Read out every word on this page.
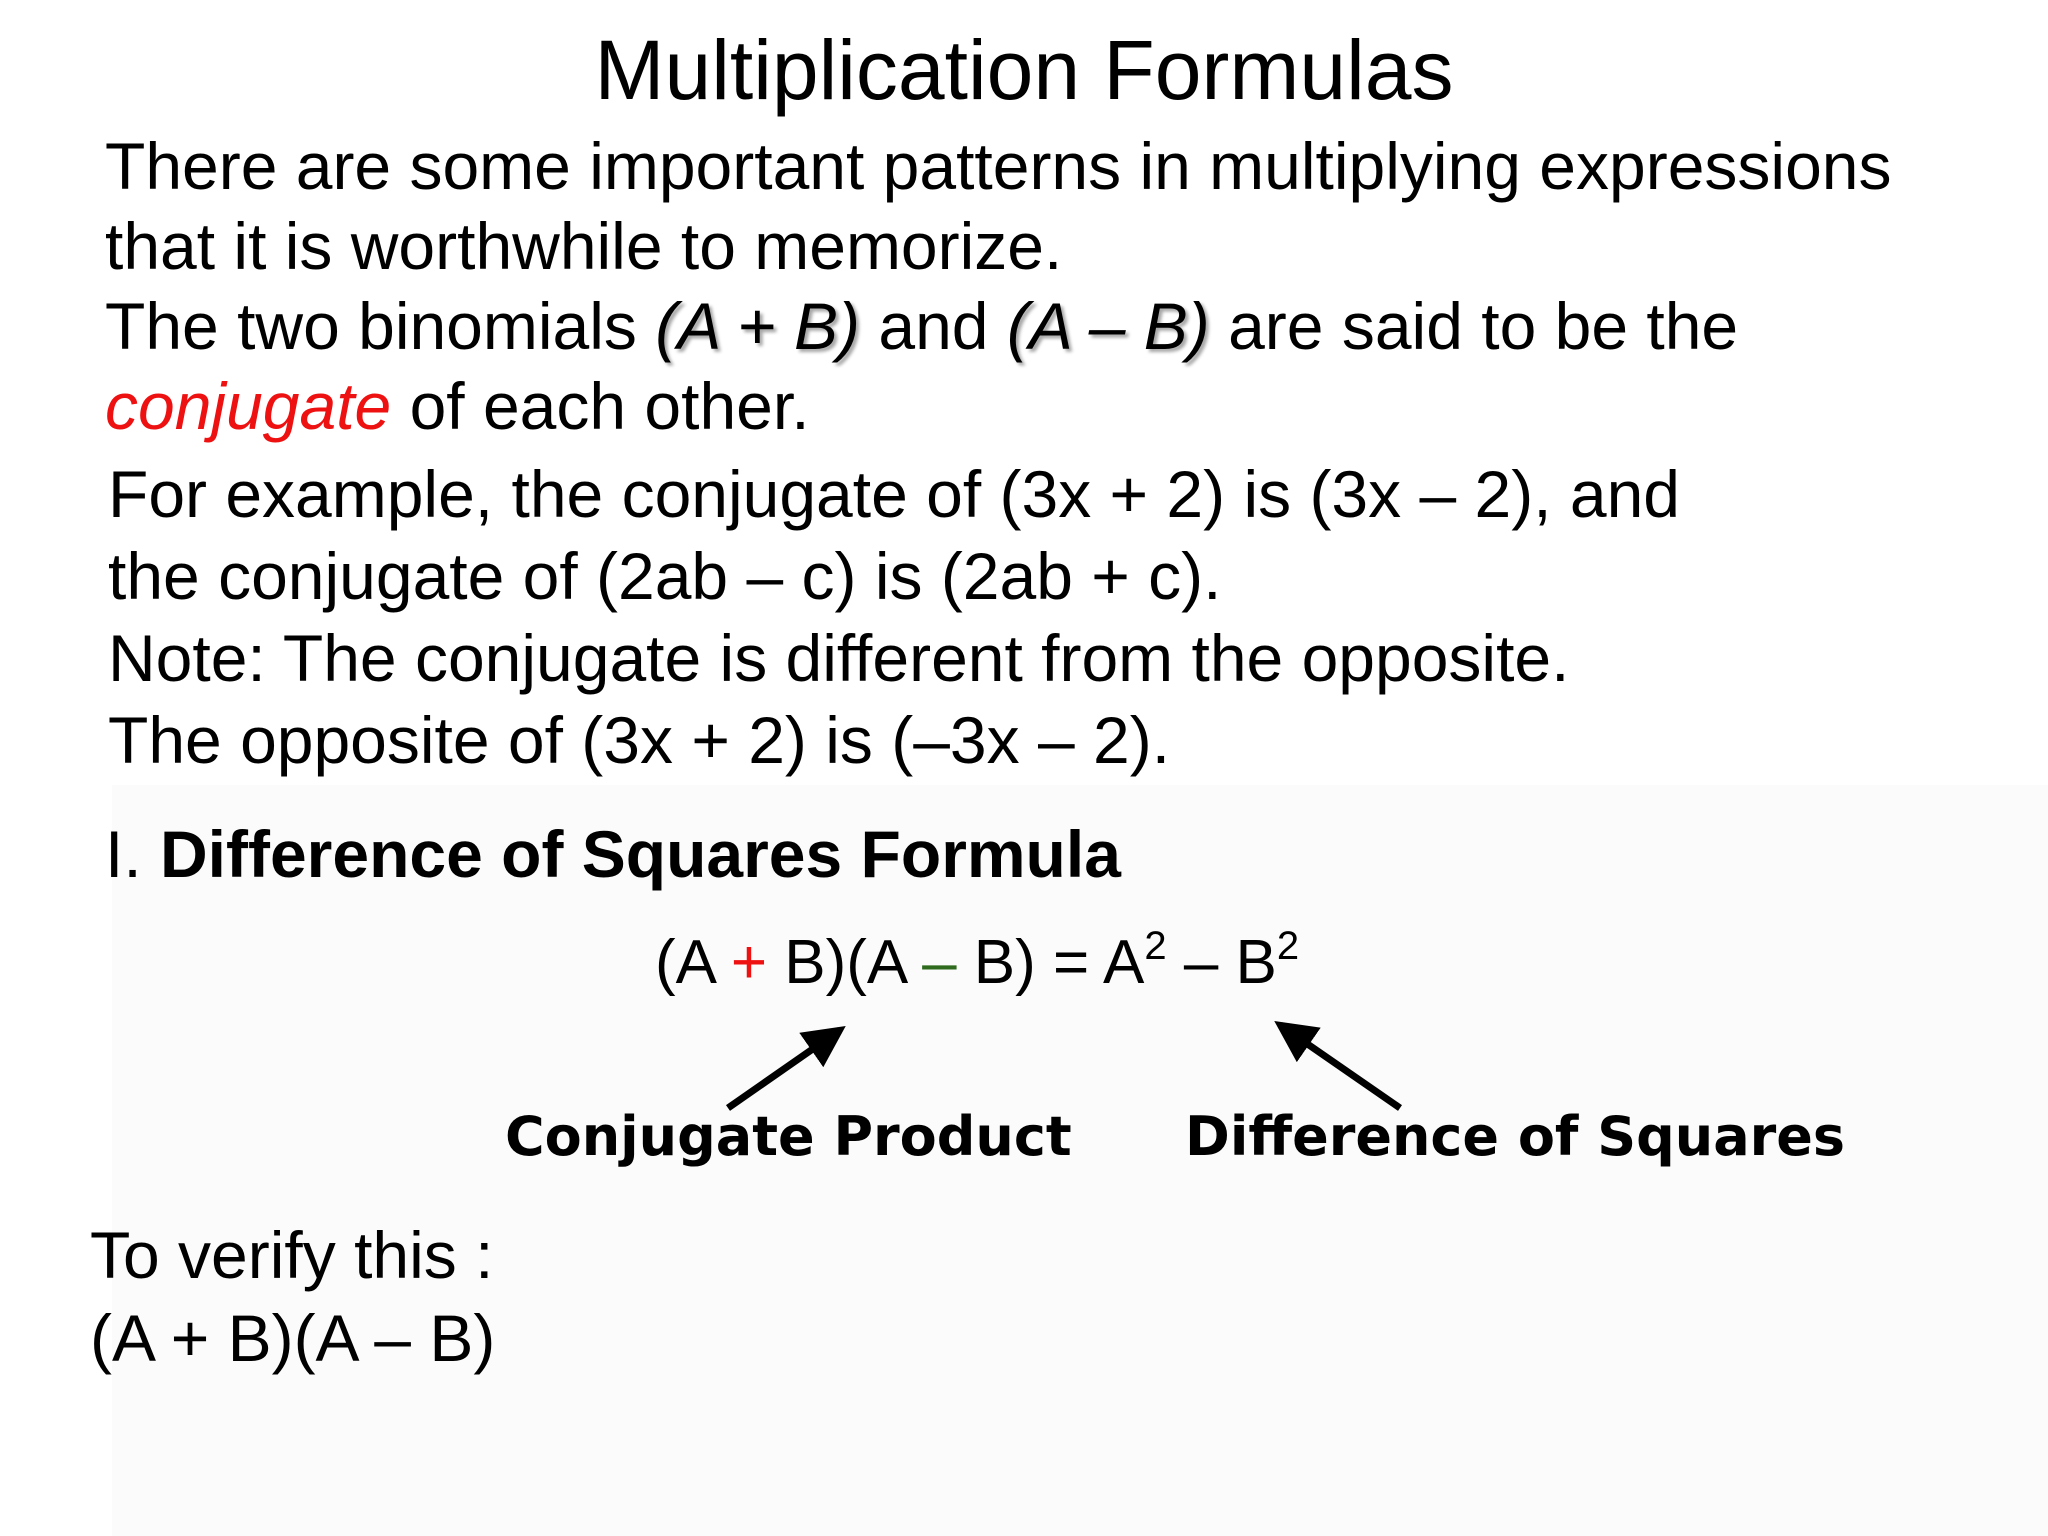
Multiplication Formulas
There are some important patterns in multiplying expressions
that it is worthwhile to memorize.
The two binomials (A + B) and (A – B) are said to be the
conjugate of each other.
For example, the conjugate of (3x + 2) is (3x – 2), and
the conjugate of (2ab – c) is (2ab + c).
Note: The conjugate is different from the opposite.
The opposite of (3x + 2) is (–3x – 2).
I. Difference of Squares Formula
$(A + B)(A - B) = A^2 - B^2$
Conjugate Product Difference of Squares
To verify this :
(A + B)(A – B)
